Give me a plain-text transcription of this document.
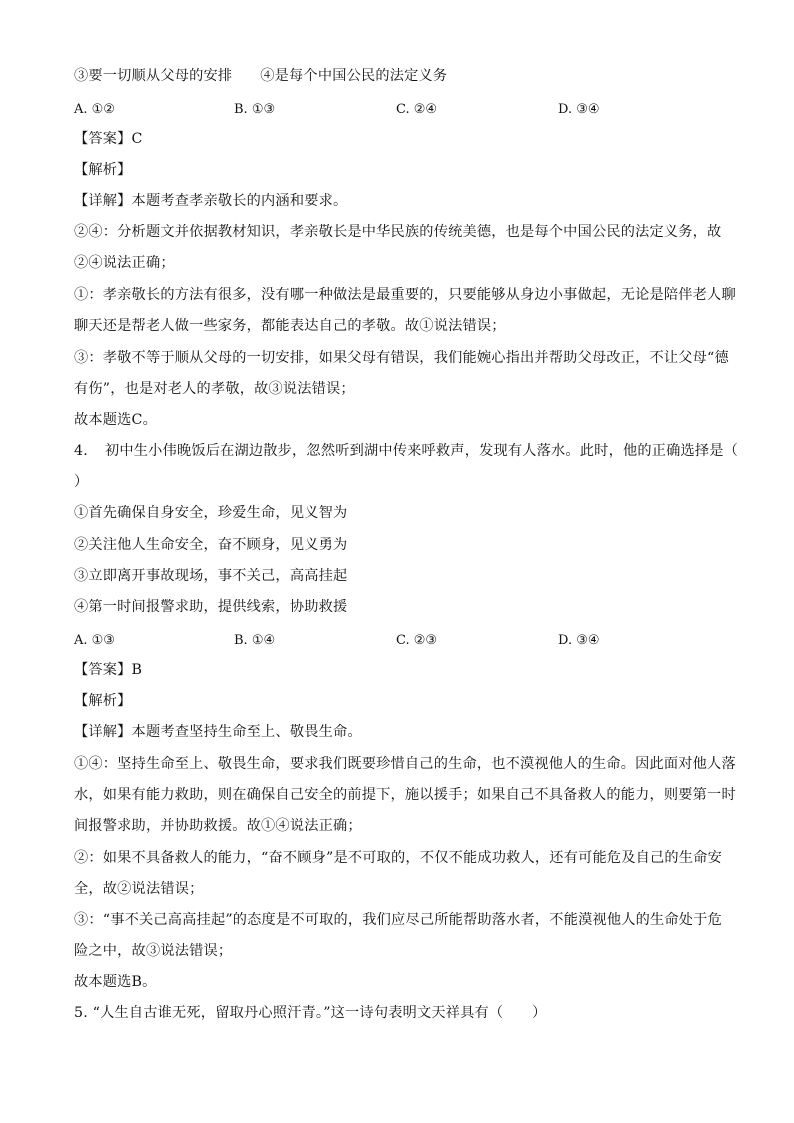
③要一切顺从父母的安排 ④是每个中国公民的法定义务
A. ①②	B. ①③	C. ②④	D. ③④
【答案】C
【解析】
【详解】本题考查孝亲敬长的内涵和要求。
②④：分析题文并依据教材知识，孝亲敬长是中华民族的传统美德，也是每个中国公民的法定义务，故
②④说法正确；
①：孝亲敬长的方法有很多，没有哪一种做法是最重要的，只要能够从身边小事做起，无论是陪伴老人聊
聊天还是帮老人做一些家务，都能表达自己的孝敬。故①说法错误；
③：孝敬不等于顺从父母的一切安排，如果父母有错误，我们能婉心指出并帮助父母改正，不让父母“德
有伤”，也是对老人的孝敬，故③说法错误；
故本题选C。
4. 初中生小伟晚饭后在湖边散步，忽然听到湖中传来呼救声，发现有人落水。此时，他的正确选择是（
）
①首先确保自身安全，珍爱生命，见义智为
②关注他人生命安全，奋不顾身，见义勇为
③立即离开事故现场，事不关己，高高挂起
④第一时间报警求助，提供线索，协助救援
A. ①③	B. ①④	C. ②③	D. ③④
【答案】B
【解析】
【详解】本题考查坚持生命至上、敬畏生命。
①④：坚持生命至上、敬畏生命，要求我们既要珍惜自己的生命，也不漠视他人的生命。因此面对他人落
水，如果有能力救助，则在确保自己安全的前提下，施以援手；如果自己不具备救人的能力，则要第一时
间报警求助，并协助救援。故①④说法正确；
②：如果不具备救人的能力，“奋不顾身”是不可取的，不仅不能成功救人，还有可能危及自己的生命安
全，故②说法错误；
③：“事不关己高高挂起”的态度是不可取的，我们应尽己所能帮助落水者，不能漠视他人的生命处于危
险之中，故③说法错误；
故本题选B。
5. “人生自古谁无死，留取丹心照汗青。”这一诗句表明文天祥具有（　　）
